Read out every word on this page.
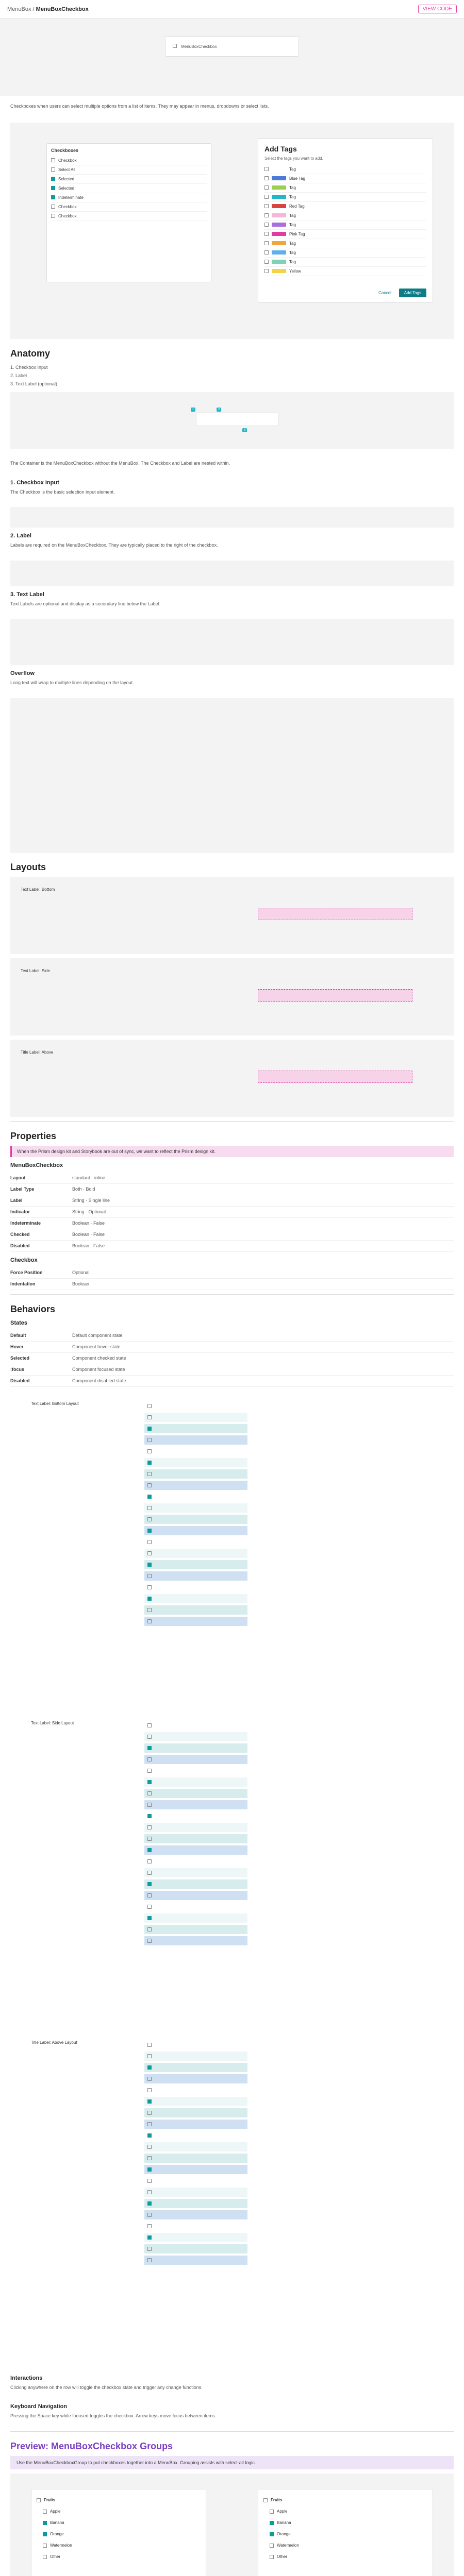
MenuBox / MenuBoxCheckbox	VIEW CODE
MenuBoxCheckbox

Checkboxes when users can select multiple options from a list of items. They may appear in menus, dropdowns or select lists.

Checkboxes
Checkbox
Select All
Selected
Selected
Indeterminate
Checkbox
Checkbox
Add Tags
Select the tags you want to add.
Tag
Blue Tag
Tag
Tag
Red Tag
Tag
Tag
Pink Tag
Tag
Tag
Tag
Yellow
Cancel	Add Tags
Anatomy
1. Checkbox Input
2. Label
3. Text Label (optional)
1	2
3

The Container is the MenuBoxCheckbox without the MenuBox. The Checkbox and Label are nested within.

1. Checkbox Input

The Checkbox is the basic selection input element.

2. Label

Labels are required on the MenuBoxCheckbox. They are typically placed to the right of the checkbox.

3. Text Label

Text Labels are optional and display as a secondary line below the Label.

Overflow

Long text will wrap to multiple lines depending on the layout.

Layouts
Text Label: Bottom
Text Label: Side
Title Label: Above
Properties
When the Prism design kit and Storybook are out of sync, we want to reflect the Prism design kit.
MenuBoxCheckbox
Layout	standard · inline
Label Type	Both · Bold
Label	String · Single line
Indicator	String · Optional
Indeterminate	Boolean · False
Checked	Boolean · False
Disabled	Boolean · False
Checkbox
Force Position	Optional
Indentation	Boolean
Behaviors
States
Default	Default component state
Hover	Component hover state
Selected	Component checked state
:focus	Component focused state
Disabled	Component disabled state
Text Label: Bottom Layout
Text Label: Side Layout
Title Label: Above Layout
Interactions

Clicking anywhere on the row will toggle the checkbox state and trigger any change functions.

Keyboard Navigation

Pressing the Space key while focused toggles the checkbox. Arrow keys move focus between items.

Preview: MenuBoxCheckbox Groups
Use the MenuBoxCheckboxGroup to put checkboxes together into a MenuBox. Grouping assists with select-all logic.
Fruits
Apple
Banana
Orange
Watermelon
Other
Fruits
Apple
Banana
Orange
Watermelon
Other
